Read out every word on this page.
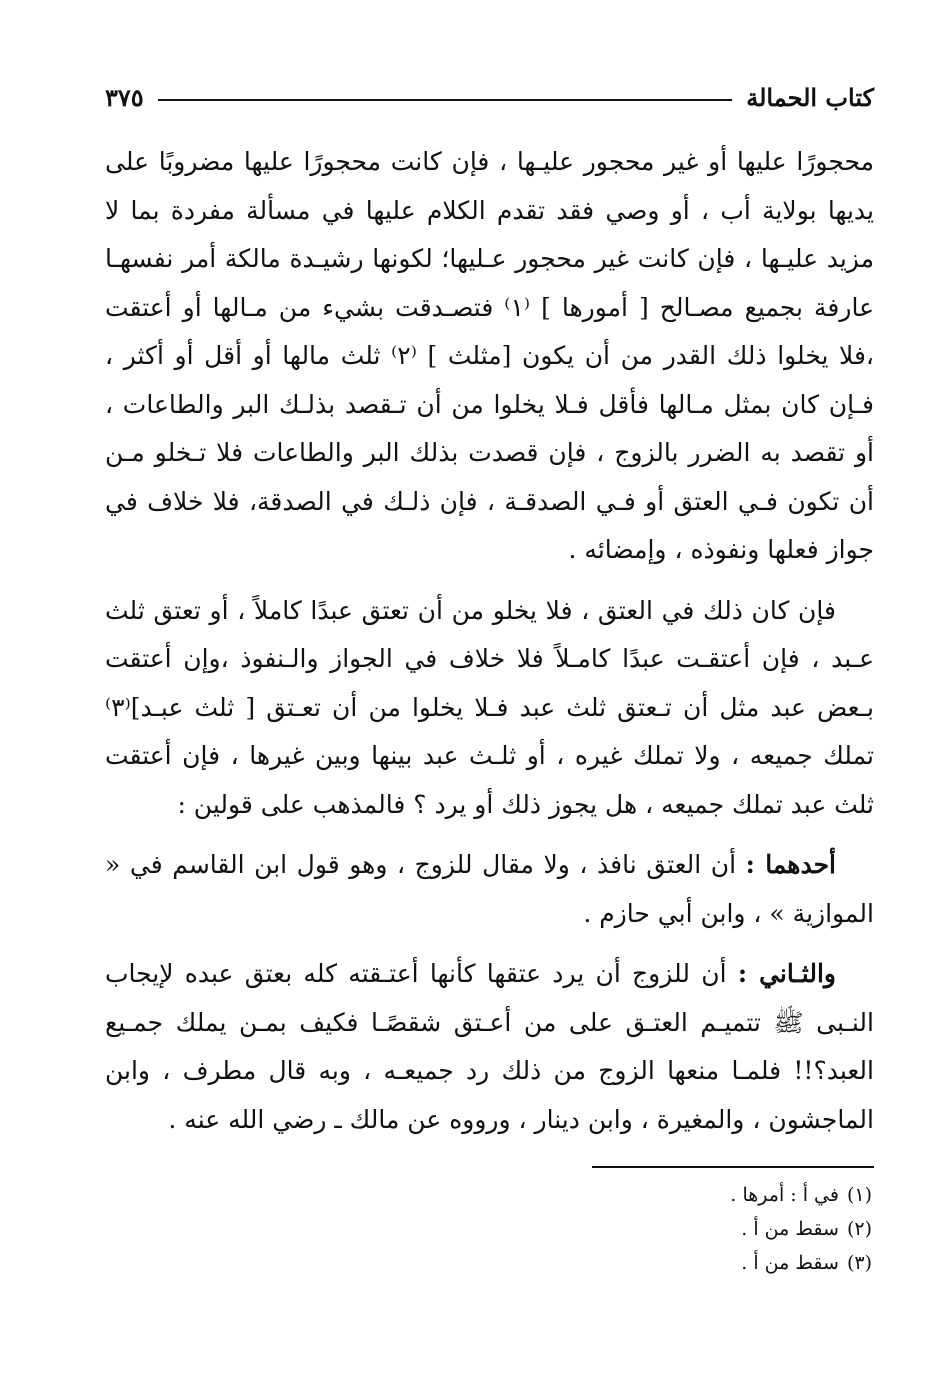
كتاب الحمالة
٣٧٥

محجورًا عليها أو غير محجور عليـها ، فإن كانت محجورًا عليها مضروبًا على يديها بولاية أب ، أو وصي فقد تقدم الكلام عليها في مسألة مفردة بما لا مزيد عليـها ، فإن كانت غير محجور عـليها؛ لكونها رشيـدة مالكة أمر نفسهـا عارفة بجميع مصـالح [ أمورها ] ⁽١⁾ فتصـدقت بشيء من مـالها أو أعتقت ،فلا يخلوا ذلك القدر من أن يكون [مثلث ] ⁽٢⁾ ثلث مالها أو أقل أو أكثر ، فـإن كان بمثل مـالها فأقل فـلا يخلوا من أن تـقصد بذلـك البر والطاعات ، أو تقصد به الضرر بالزوج ، فإن قصدت بذلك البر والطاعات فلا تـخلو مـن أن تكون فـي العتق أو فـي الصدقـة ، فإن ذلـك في الصدقة، فلا خلاف في جواز فعلها ونفوذه ، وإمضائه .

فإن كان ذلك في العتق ، فلا يخلو من أن تعتق عبدًا كاملاً ، أو تعتق ثلث عـبد ، فإن أعتقـت عبدًا كامـلاً فلا خلاف في الجواز والـنفوذ ،وإن أعتقت بـعض عبد مثل أن تـعتق ثلث عبد فـلا يخلوا من أن تعـتق [ ثلث عبـد]⁽٣⁾ تملك جميعه ، ولا تملك غيره ، أو ثلـث عبد بينها وبين غيرها ، فإن أعتقت ثلث عبد تملك جميعه ، هل يجوز ذلك أو يرد ؟ فالمذهب على قولين :

أحدهما : أن العتق نافذ ، ولا مقال للزوج ، وهو قول ابن القاسم في « الموازية » ، وابن أبي حازم .

والثـاني : أن للزوج أن يرد عتقها كأنها أعتـقته كله بعتق عبده لإيجاب النـبى ﷺ تتميـم العتـق على من أعـتق شقصًـا فكيف بمـن يملك جمـيع العبد؟!! فلمـا منعها الزوج من ذلك رد جميعـه ، وبه قال مطرف ، وابن الماجشون ، والمغيرة ، وابن دينار ، ورووه عن مالك ـ رضي الله عنه .

(١)
في أ : أمرها .
(٢)
سقط من أ .
(٣)
سقط من أ .
